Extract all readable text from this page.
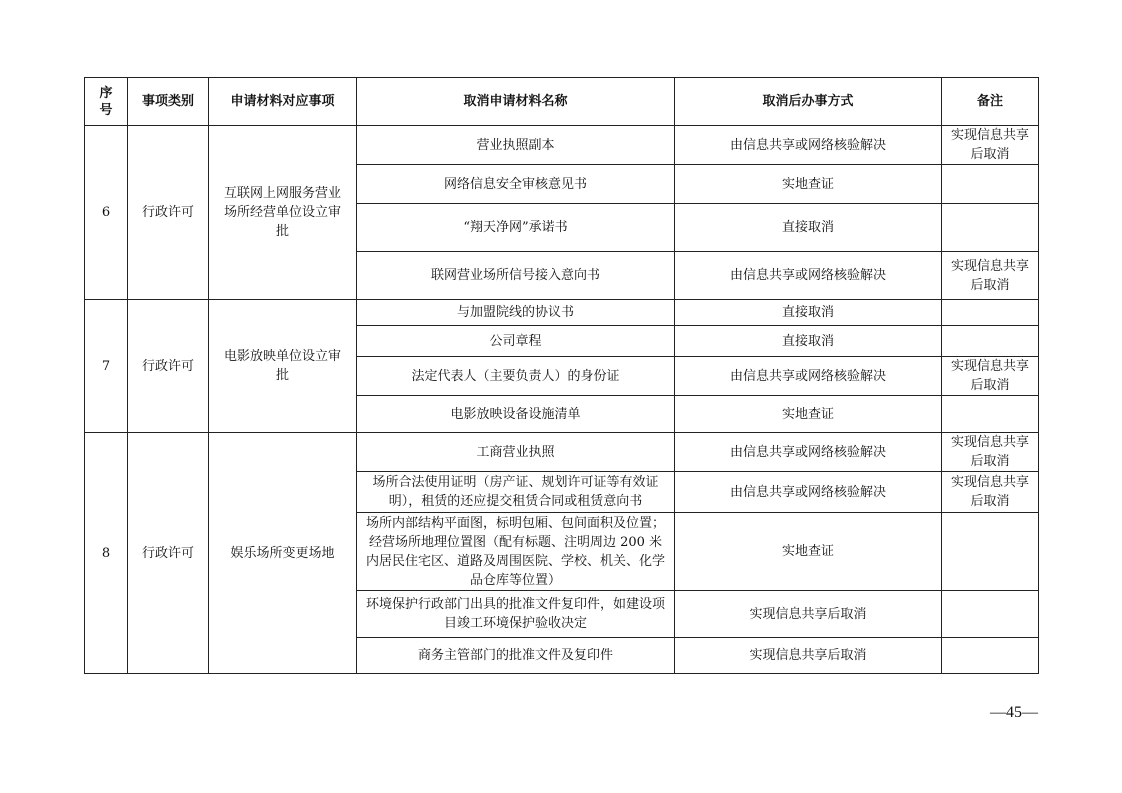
序号	事项类别	申请材料对应事项	取消申请材料名称	取消后办事方式	备注
6	行政许可	互联网上网服务营业场所经营单位设立审批	营业执照副本	由信息共享或网络核验解决	实现信息共享后取消
			网络信息安全审核意见书	实地查证	
			“翔天净网”承诺书	直接取消	
			联网营业场所信号接入意向书	由信息共享或网络核验解决	实现信息共享后取消
7	行政许可	电影放映单位设立审批	与加盟院线的协议书	直接取消	
			公司章程	直接取消	
			法定代表人（主要负责人）的身份证	由信息共享或网络核验解决	实现信息共享后取消
			电影放映设备设施清单	实地查证	
8	行政许可	娱乐场所变更场地	工商营业执照	由信息共享或网络核验解决	实现信息共享后取消
			场所合法使用证明（房产证、规划许可证等有效证明），租赁的还应提交租赁合同或租赁意向书	由信息共享或网络核验解决	实现信息共享后取消
			场所内部结构平面图，标明包厢、包间面积及位置；经营场所地理位置图（配有标题、注明周边 200 米内居民住宅区、道路及周围医院、学校、机关、化学品仓库等位置）	实地查证	
			环境保护行政部门出具的批准文件复印件，如建设项目竣工环境保护验收决定	实现信息共享后取消	
			商务主管部门的批准文件及复印件	实现信息共享后取消	
—45—
